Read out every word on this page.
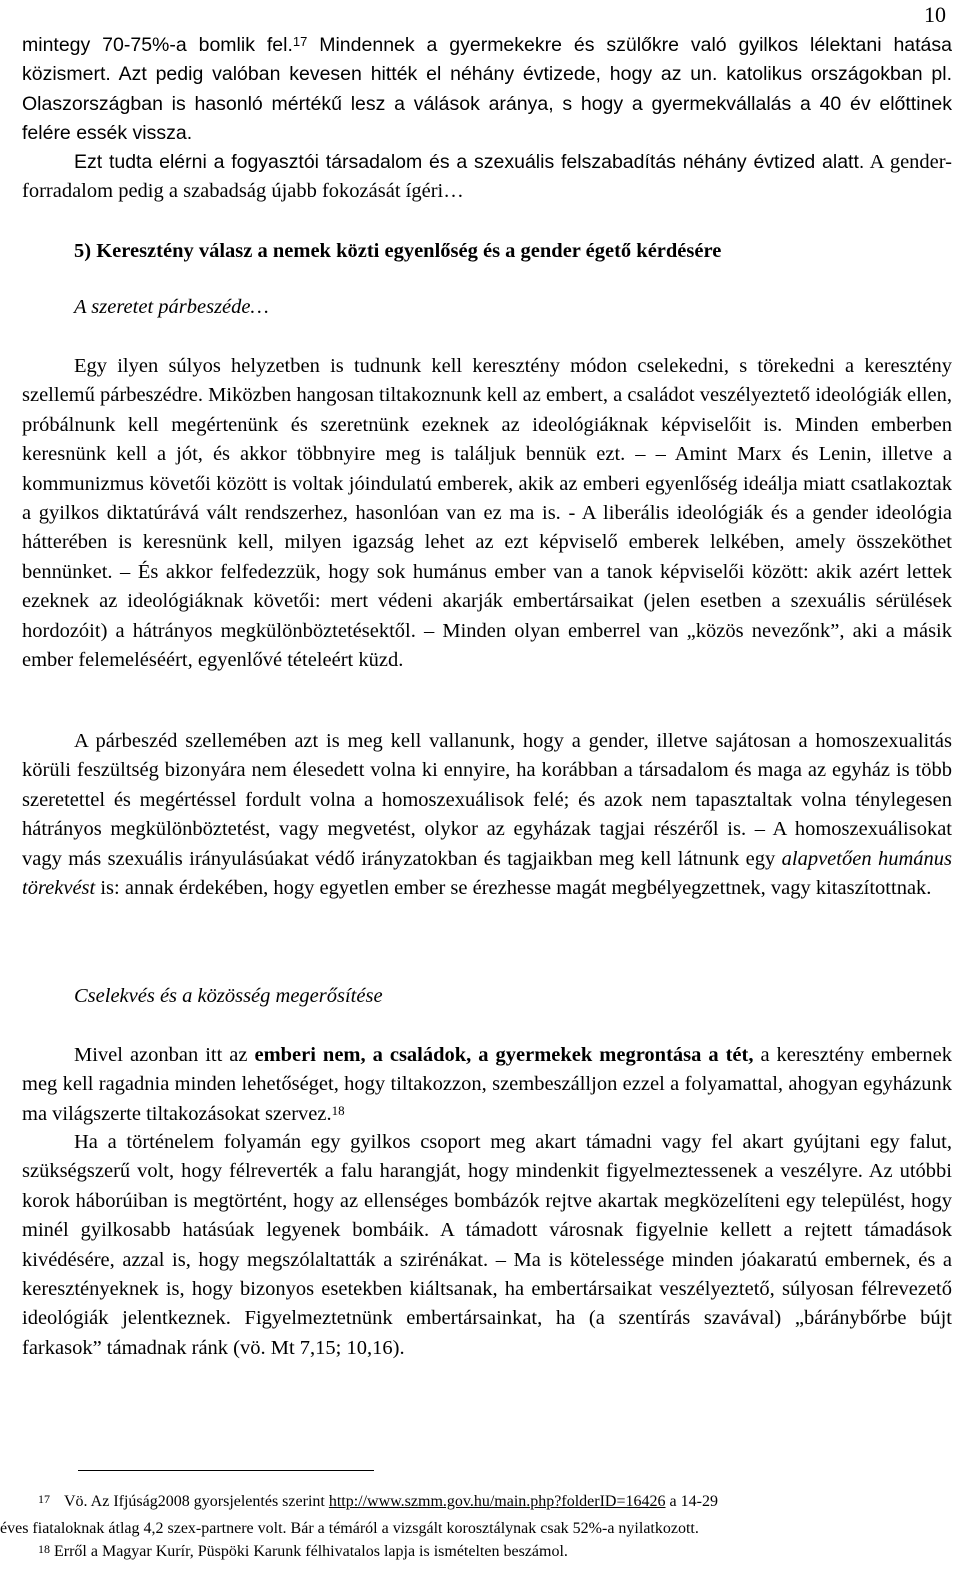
10
mintegy 70-75%-a bomlik fel.$^{17}$ Mindennek a gyermekekre és szülőkre való gyilkos lélektani hatása közismert. Azt pedig valóban kevesen hitték el néhány évtizede, hogy az un. katolikus országokban pl. Olaszországban is hasonló mértékű lesz a válások aránya, s hogy a gyermekvállalás a 40 év előttinek felére essék vissza.
Ezt tudta elérni a fogyasztói társadalom és a szexuális felszabadítás néhány évtized alatt. A gender-forradalom pedig a szabadság újabb fokozását ígéri…
5) Keresztény válasz a nemek közti egyenlőség és a gender égető kérdésére
A szeretet párbeszéde…
Egy ilyen súlyos helyzetben is tudnunk kell keresztény módon cselekedni, s törekedni a keresztény szellemű párbeszédre. Miközben hangosan tiltakoznunk kell az embert, a családot veszélyeztető ideológiák ellen, próbálnunk kell megértenünk és szeretnünk ezeknek az ideológiáknak képviselőit is. Minden emberben keresnünk kell a jót, és akkor többnyire meg is találjuk bennük ezt. – – Amint Marx és Lenin, illetve a kommunizmus követői között is voltak jóindulatú emberek, akik az emberi egyenlőség ideálja miatt csatlakoztak a gyilkos diktatúrává vált rendszerhez, hasonlóan van ez ma is. - A liberális ideológiák és a gender ideológia hátterében is keresnünk kell, milyen igazság lehet az ezt képviselő emberek lelkében, amely összeköthet bennünket. – És akkor felfedezzük, hogy sok humánus ember van a tanok képviselői között: akik azért lettek ezeknek az ideológiáknak követői: mert védeni akarják embertársaikat (jelen esetben a szexuális sérülések hordozóit) a hátrányos megkülönböztetésektől. – Minden olyan emberrel van „közös nevezőnk”, aki a másik ember felemeléséért, egyenlővé tételeért küzd.
A párbeszéd szellemében azt is meg kell vallanunk, hogy a gender, illetve sajátosan a homoszexualitás körüli feszültség bizonyára nem élesedett volna ki ennyire, ha korábban a társadalom és maga az egyház is több szeretettel és megértéssel fordult volna a homoszexuálisok felé; és azok nem tapasztaltak volna ténylegesen hátrányos megkülönböztetést, vagy megvetést, olykor az egyházak tagjai részéről is. – A homoszexuálisokat vagy más szexuális irányulásúakat védő irányzatokban és tagjaikban meg kell látnunk egy alapvetően humánus törekvést is: annak érdekében, hogy egyetlen ember se érezhesse magát megbélyegzettnek, vagy kitaszítottnak.
Cselekvés és a közösség megerősítése
Mivel azonban itt az emberi nem, a családok, a gyermekek megrontása a tét, a keresztény embernek meg kell ragadnia minden lehetőséget, hogy tiltakozzon, szembeszálljon ezzel a folyamattal, ahogyan egyházunk ma világszerte tiltakozásokat szervez.$^{18}$
Ha a történelem folyamán egy gyilkos csoport meg akart támadni vagy fel akart gyújtani egy falut, szükségszerű volt, hogy félreverték a falu harangját, hogy mindenkit figyelmeztessenek a veszélyre. Az utóbbi korok háborúiban is megtörtént, hogy az ellenséges bombázók rejtve akartak megközelíteni egy települést, hogy minél gyilkosabb hatásúak legyenek bombáik. A támadott városnak figyelnie kellett a rejtett támadások kivédésére, azzal is, hogy megszólaltatták a szirénákat. – Ma is kötelessége minden jóakaratú embernek, és a keresztényeknek is, hogy bizonyos esetekben kiáltsanak, ha embertársaikat veszélyeztető, súlyosan félrevezető ideológiák jelentkeznek. Figyelmeztetnünk embertársainkat, ha (a szentírás szavával) „báránybőrbe bújt farkasok” támadnak ránk (vö. Mt 7,15; 10,16).
$^{17}$ Vö. Az Ifjúság2008 gyorsjelentés szerint http://www.szmm.gov.hu/main.php?folderID=16426 a 14-29
éves fiataloknak átlag 4,2 szex-partnere volt. Bár a témáról a vizsgált korosztálynak csak 52%-a nyilatkozott.
$^{18}$ Erről a Magyar Kurír, Püspöki Karunk félhivatalos lapja is ismételten beszámol.
